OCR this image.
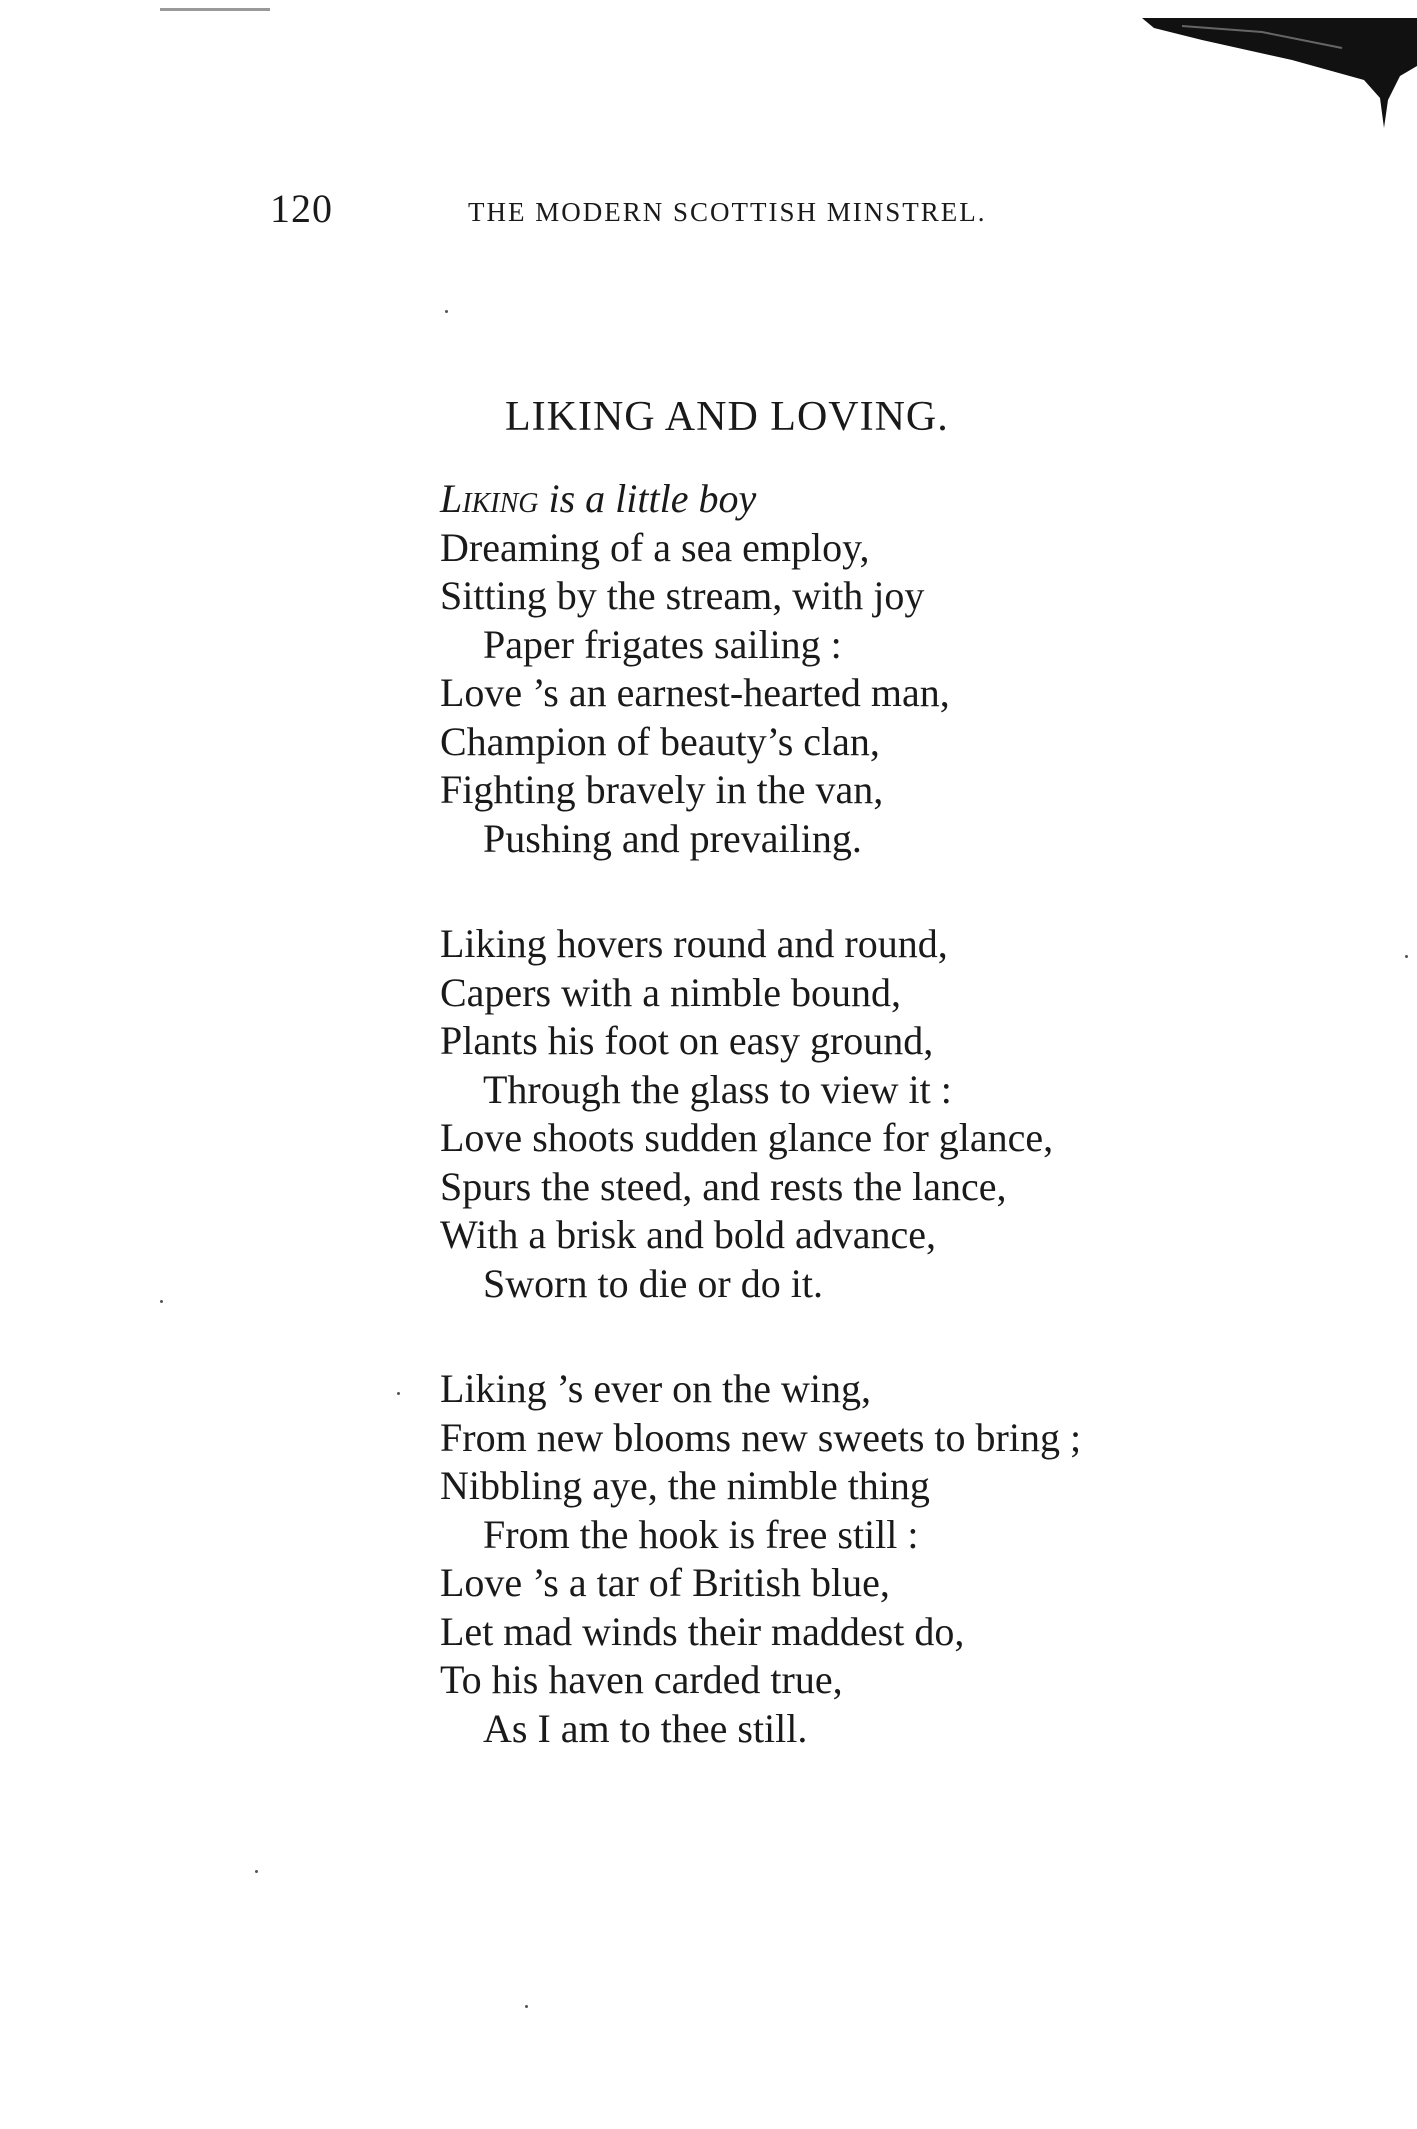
120	THE MODERN SCOTTISH MINSTREL.
LIKING AND LOVING.
Liking is a little boy
Dreaming of a sea employ,
Sitting by the stream, with joy
Paper frigates sailing :
Love ’s an earnest-hearted man,
Champion of beauty’s clan,
Fighting bravely in the van,
Pushing and prevailing.
Liking hovers round and round,
Capers with a nimble bound,
Plants his foot on easy ground,
Through the glass to view it :
Love shoots sudden glance for glance,
Spurs the steed, and rests the lance,
With a brisk and bold advance,
Sworn to die or do it.
Liking ’s ever on the wing,
From new blooms new sweets to bring ;
Nibbling aye, the nimble thing
From the hook is free still :
Love ’s a tar of British blue,
Let mad winds their maddest do,
To his haven carded true,
As I am to thee still.
